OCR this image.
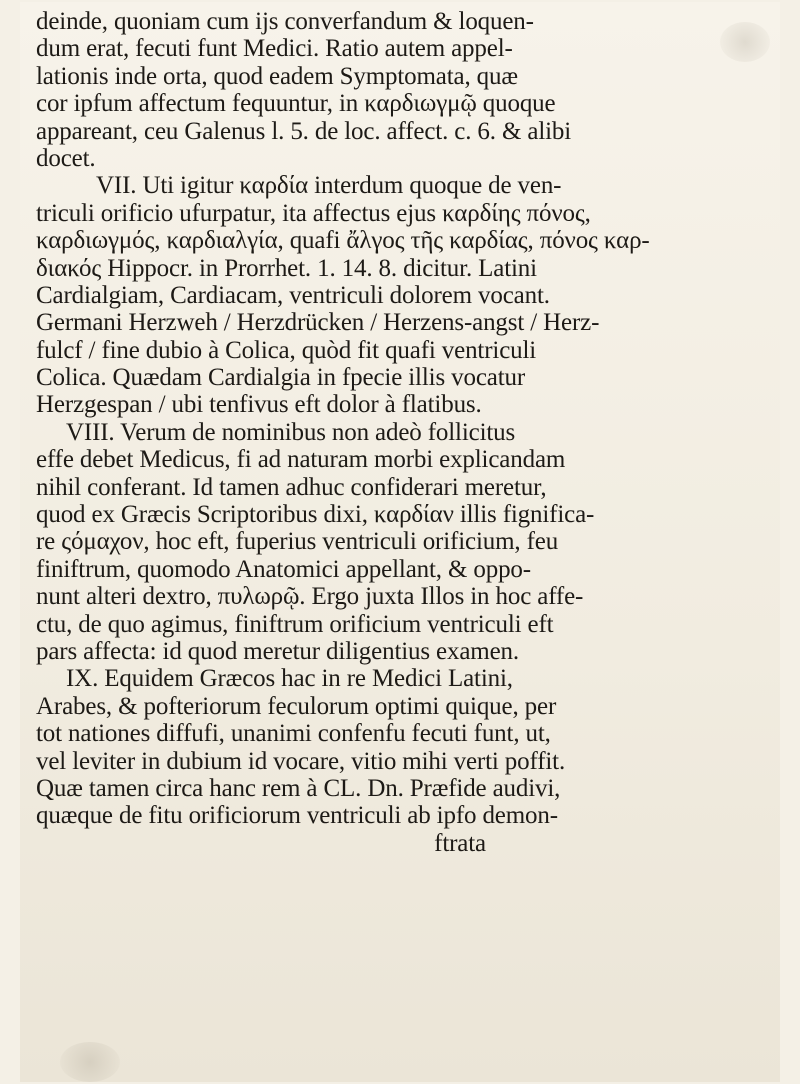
deinde, quoniam cum ijs converfandum & loquen-
dum erat, fecuti funt Medici. Ratio autem appel-
lationis inde orta, quod eadem Symptomata, quæ
cor ipfum affectum fequuntur, in καρδιωγμῷ quoque
appareant, ceu Galenus l. 5. de loc. affect. c. 6. & alibi
docet.
VII. Uti igitur καρδία interdum quoque de ven-
triculi orificio ufurpatur, ita affectus ejus καρδίης πόνος,
καρδιωγμός, καρδιαλγία, quafi ἄλγος τῆς καρδίας, πόνος καρ-
διακός Hippocr. in Prorrhet. 1. 14. 8. dicitur. Latini
Cardialgiam, Cardiacam, ventriculi dolorem vocant.
Germani Herzweh / Herzdrücken / Herzens-angst / Herz-
fulcf / fine dubio à Colica, quòd fit quafi ventriculi
Colica. Quædam Cardialgia in fpecie illis vocatur
Herzgespan / ubi tenfivus eft dolor à flatibus.
VIII. Verum de nominibus non adeò follicitus
effe debet Medicus, fi ad naturam morbi explicandam
nihil conferant. Id tamen adhuc confiderari meretur,
quod ex Græcis Scriptoribus dixi, καρδίαν illis fignifica-
re ςόμαχον, hoc eft, fuperius ventriculi orificium, feu
finiftrum, quomodo Anatomici appellant, & oppo-
nunt alteri dextro, πυλωρῷ. Ergo juxta Illos in hoc affe-
ctu, de quo agimus, finiftrum orificium ventriculi eft
pars affecta: id quod meretur diligentius examen.
IX. Equidem Græcos hac in re Medici Latini,
Arabes, & pofteriorum feculorum optimi quique, per
tot nationes diffufi, unanimi confenfu fecuti funt, ut,
vel leviter in dubium id vocare, vitio mihi verti poffit.
Quæ tamen circa hanc rem à CL. Dn. Præfide audivi,
quæque de fitu orificiorum ventriculi ab ipfo demon-
ftrata
